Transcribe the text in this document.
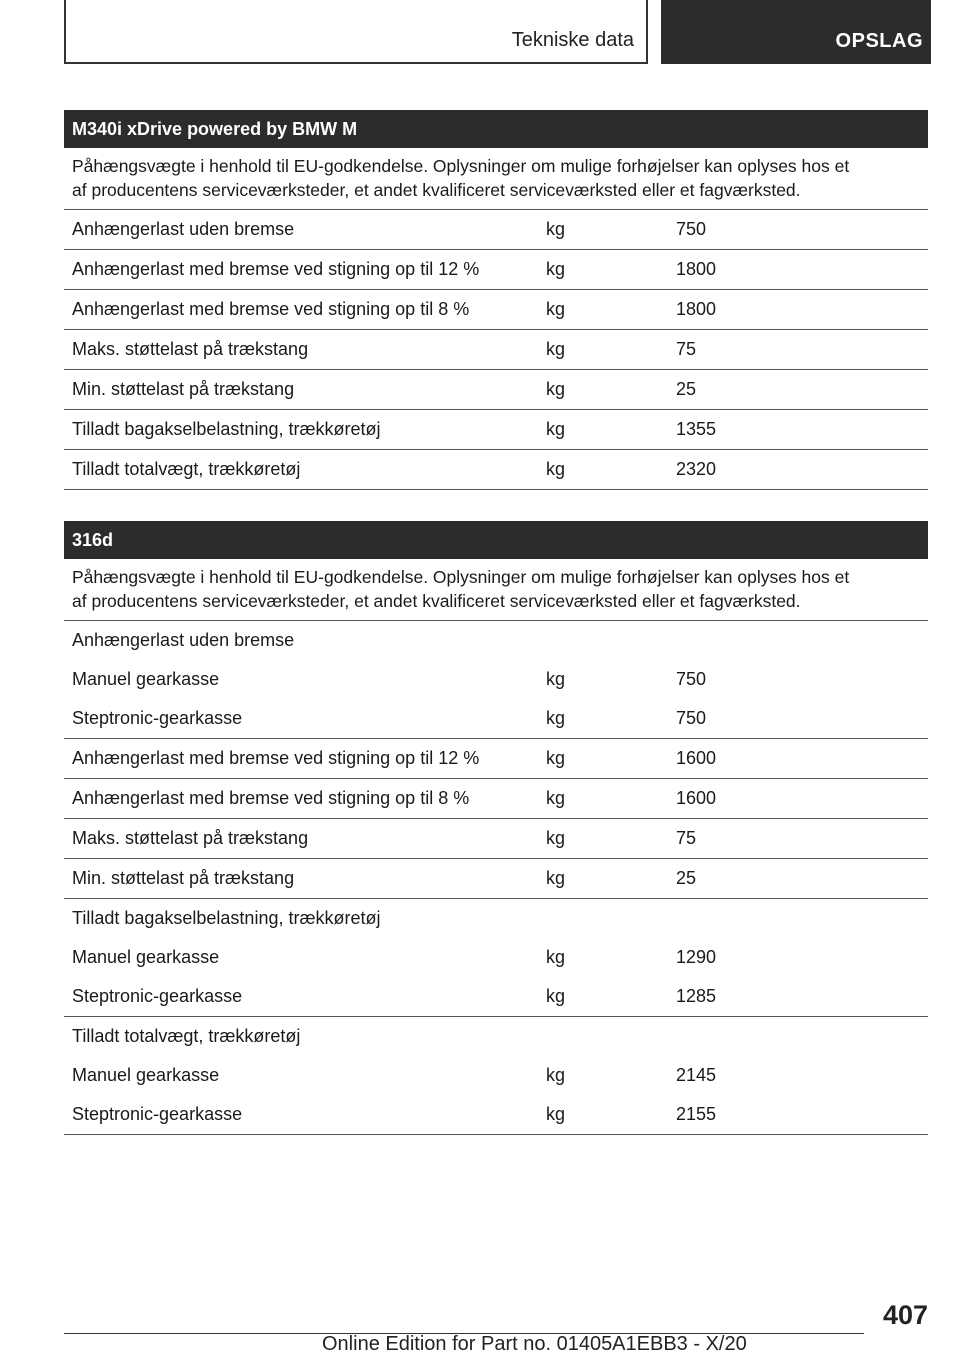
Tekniske data	OPSLAG
M340i xDrive powered by BMW M
Påhængsvægte i henhold til EU-godkendelse. Oplysninger om mulige forhøjelser kan oplyses hos et
af producentens serviceværksteder, et andet kvalificeret serviceværksted eller et fagværksted.
Anhængerlast uden bremse	kg	750
Anhængerlast med bremse ved stigning op til 12 %	kg	1800
Anhængerlast med bremse ved stigning op til 8 %	kg	1800
Maks. støttelast på trækstang	kg	75
Min. støttelast på trækstang	kg	25
Tilladt bagakselbelastning, trækkøretøj	kg	1355
Tilladt totalvægt, trækkøretøj	kg	2320
316d
Påhængsvægte i henhold til EU-godkendelse. Oplysninger om mulige forhøjelser kan oplyses hos et
af producentens serviceværksteder, et andet kvalificeret serviceværksted eller et fagværksted.
Anhængerlast uden bremse
Manuel gearkasse	kg	750
Steptronic-gearkasse	kg	750
Anhængerlast med bremse ved stigning op til 12 %	kg	1600
Anhængerlast med bremse ved stigning op til 8 %	kg	1600
Maks. støttelast på trækstang	kg	75
Min. støttelast på trækstang	kg	25
Tilladt bagakselbelastning, trækkøretøj
Manuel gearkasse	kg	1290
Steptronic-gearkasse	kg	1285
Tilladt totalvægt, trækkøretøj
Manuel gearkasse	kg	2145
Steptronic-gearkasse	kg	2155
407
Online Edition for Part no. 01405A1EBB3 - X/20
